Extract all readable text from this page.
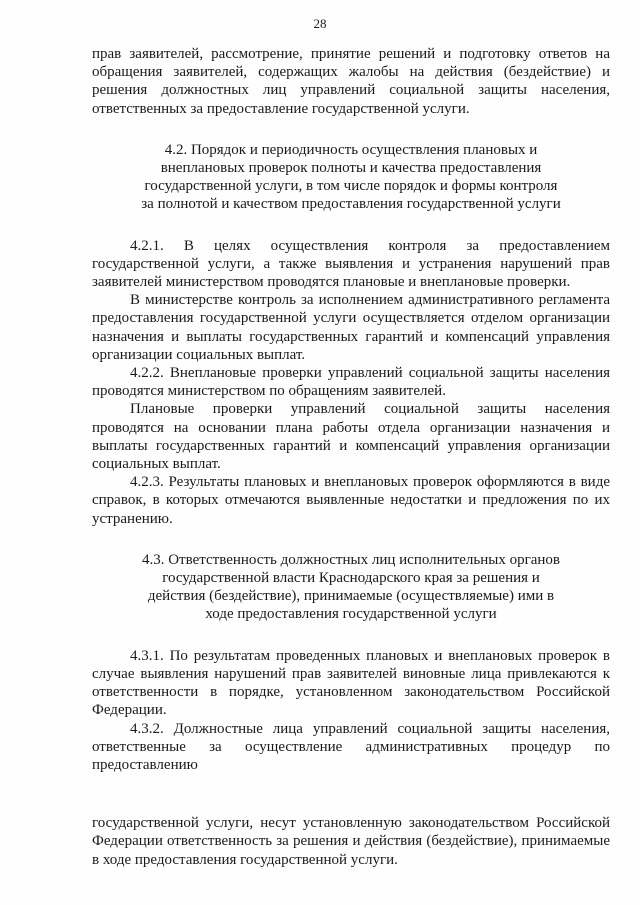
28

прав заявителей, рассмотрение, принятие решений и подготовку ответов на обращения заявителей, содержащих жалобы на действия (бездействие) и решения должностных лиц управлений социальной защиты населения, ответственных за предоставление государственной услуги.

4.2. Порядок и периодичность осуществления плановых и
внеплановых проверок полноты и качества предоставления
государственной услуги, в том числе порядок и формы контроля
за полнотой и качеством предоставления государственной услуги

4.2.1. В целях осуществления контроля за предоставлением государственной услуги, а также выявления и устранения нарушений прав заявителей министерством проводятся плановые и внеплановые проверки.

В министерстве контроль за исполнением административного регламента предоставления государственной услуги осуществляется отделом организации назначения и выплаты государственных гарантий и компенсаций управления организации социальных выплат.

4.2.2. Внеплановые проверки управлений социальной защиты населения проводятся министерством по обращениям заявителей.

Плановые проверки управлений социальной защиты населения проводятся на основании плана работы отдела организации назначения и выплаты государственных гарантий и компенсаций управления организации социальных выплат.

4.2.3. Результаты плановых и внеплановых проверок оформляются в виде справок, в которых отмечаются выявленные недостатки и предложения по их устранению.

4.3. Ответственность должностных лиц исполнительных органов
государственной власти Краснодарского края за решения и
действия (бездействие), принимаемые (осуществляемые) ими в
ходе предоставления государственной услуги

4.3.1. По результатам проведенных плановых и внеплановых проверок в случае выявления нарушений прав заявителей виновные лица привлекаются к ответственности в порядке, установленном законодательством Российской Федерации.

4.3.2. Должностные лица управлений социальной защиты населения, ответственные за осуществление административных процедур по предоставлению

государственной услуги, несут установленную законодательством Российской Федерации ответственность за решения и действия (бездействие), принимаемые в ходе предоставления государственной услуги.
